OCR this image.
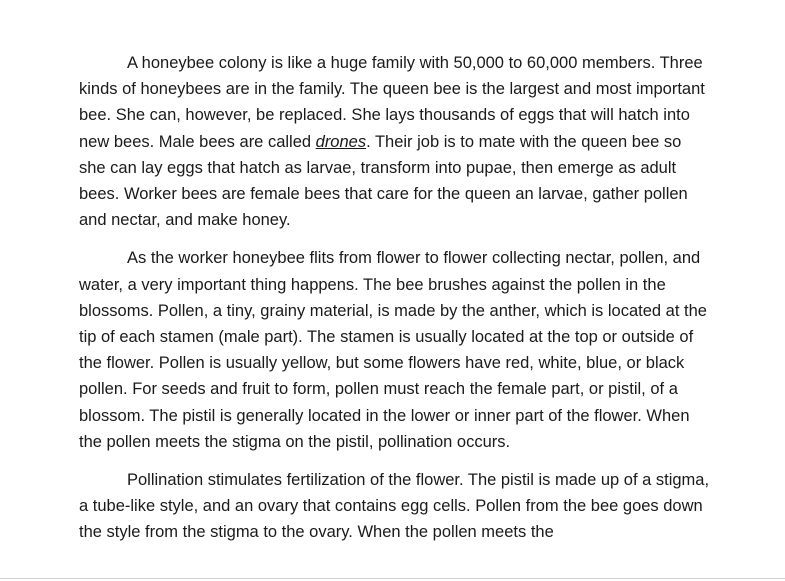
A honeybee colony is like a huge family with 50,000 to 60,000 members. Three kinds of honeybees are in the family. The queen bee is the largest and most important bee. She can, however, be replaced. She lays thousands of eggs that will hatch into new bees. Male bees are called drones. Their job is to mate with the queen bee so she can lay eggs that hatch as larvae, transform into pupae, then emerge as adult bees. Worker bees are female bees that care for the queen an larvae, gather pollen and nectar, and make honey.

As the worker honeybee flits from flower to flower collecting nectar, pollen, and water, a very important thing happens. The bee brushes against the pollen in the blossoms. Pollen, a tiny, grainy material, is made by the anther, which is located at the tip of each stamen (male part). The stamen is usually located at the top or outside of the flower. Pollen is usually yellow, but some flowers have red, white, blue, or black pollen. For seeds and fruit to form, pollen must reach the female part, or pistil, of a blossom. The pistil is generally located in the lower or inner part of the flower. When the pollen meets the stigma on the pistil, pollination occurs.

Pollination stimulates fertilization of the flower. The pistil is made up of a stigma, a tube-like style, and an ovary that contains egg cells. Pollen from the bee goes down the style from the stigma to the ovary. When the pollen meets the
